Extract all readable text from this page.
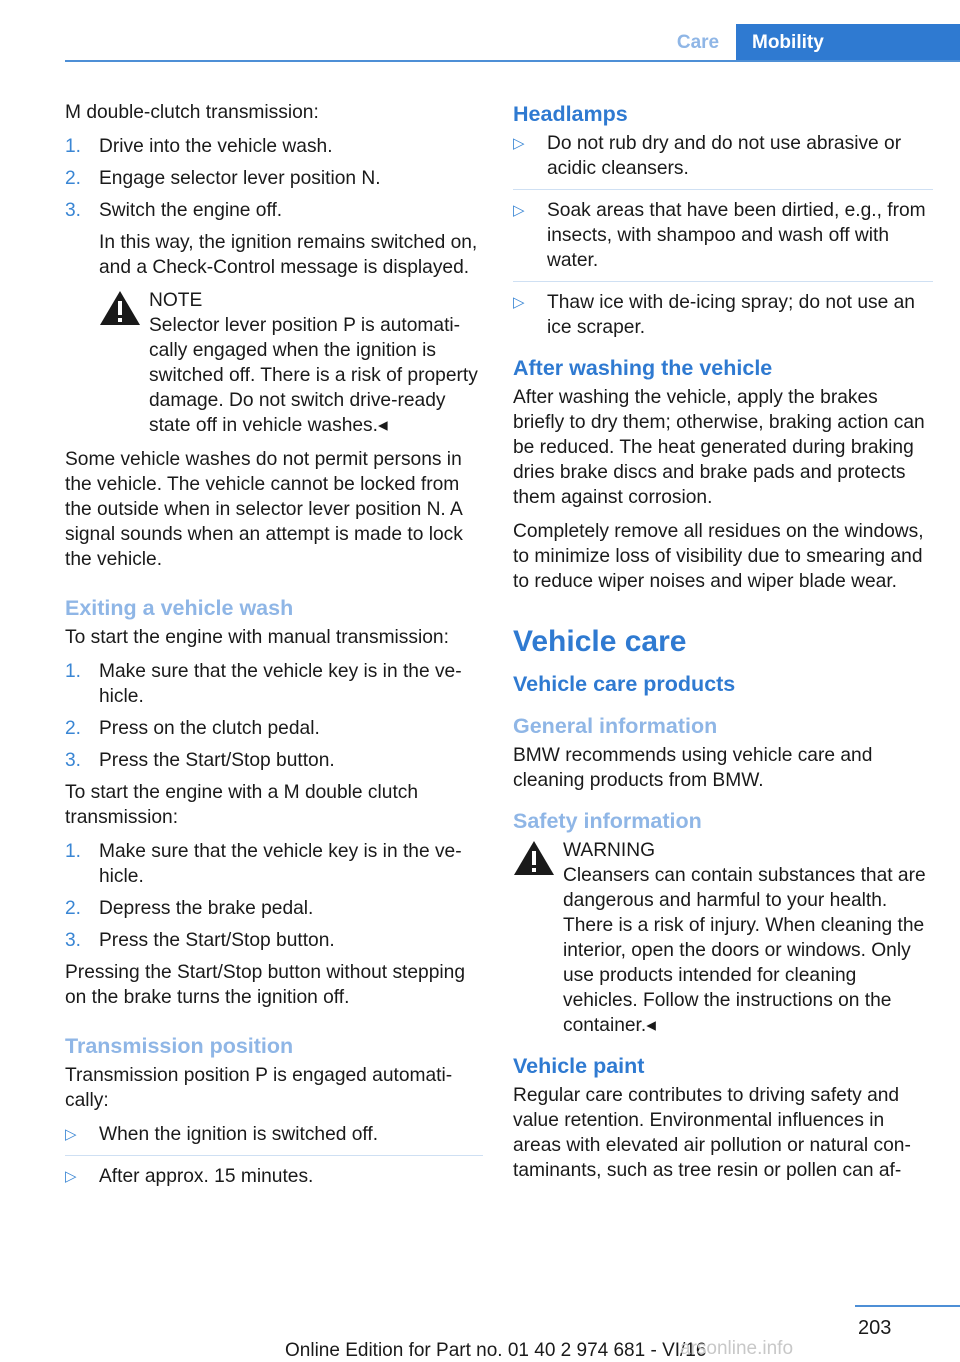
Care	Mobility

M double-clutch transmission:

1. Drive into the vehicle wash.
2. Engage selector lever position N.
3. Switch the engine off.
In this way, the ignition remains switched on, and a Check-Control message is displayed.
NOTE
Selector lever position P is automatically engaged when the ignition is switched off. There is a risk of property damage. Do not switch drive-ready state off in vehicle washes.◂

Some vehicle washes do not permit persons in the vehicle. The vehicle cannot be locked from the outside when in selector lever position N. A signal sounds when an attempt is made to lock the vehicle.

Exiting a vehicle wash

To start the engine with manual transmission:

1. Make sure that the vehicle key is in the vehicle.
2. Press on the clutch pedal.
3. Press the Start/Stop button.

To start the engine with a M double clutch transmission:

1. Make sure that the vehicle key is in the vehicle.
2. Depress the brake pedal.
3. Press the Start/Stop button.

Pressing the Start/Stop button without stepping on the brake turns the ignition off.

Transmission position

Transmission position P is engaged automatically:

▷ When the ignition is switched off.
▷ After approx. 15 minutes.
Headlamps
▷ Do not rub dry and do not use abrasive or acidic cleansers.
▷ Soak areas that have been dirtied, e.g., from insects, with shampoo and wash off with water.
▷ Thaw ice with de-icing spray; do not use an ice scraper.
After washing the vehicle

After washing the vehicle, apply the brakes briefly to dry them; otherwise, braking action can be reduced. The heat generated during braking dries brake discs and brake pads and protects them against corrosion.

Completely remove all residues on the windows, to minimize loss of visibility due to smearing and to reduce wiper noises and wiper blade wear.

Vehicle care
Vehicle care products
General information

BMW recommends using vehicle care and cleaning products from BMW.

Safety information
WARNING
Cleansers can contain substances that are dangerous and harmful to your health. There is a risk of injury. When cleaning the interior, open the doors or windows. Only use products intended for cleaning vehicles. Follow the instructions on the container.◂
Vehicle paint

Regular care contributes to driving safety and value retention. Environmental influences in areas with elevated air pollution or natural contaminants, such as tree resin or pollen can af-

203
Online Edition for Part no. 01 40 2 974 681 - VI/16
arsonline.info
